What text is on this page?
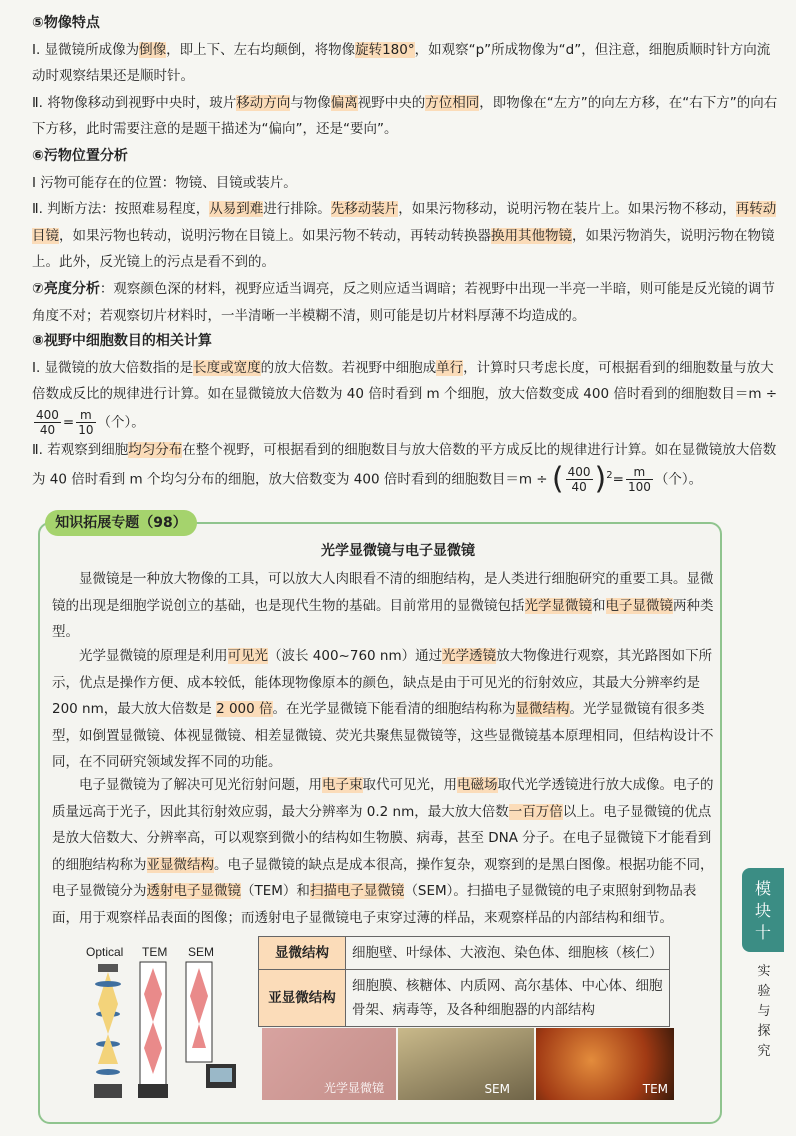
⑤物像特点

Ⅰ. 显微镜所成像为倒像，即上下、左右均颠倒，将物像旋转180°，如观察“p”所成物像为“d”，但注意，细胞质顺时针方向流动时观察结果还是顺时针。

Ⅱ. 将物像移动到视野中央时，玻片移动方向与物像偏离视野中央的方位相同，即物像在“左方”的向左方移，在“右下方”的向右下方移，此时需要注意的是题干描述为“偏向”，还是“要向”。

⑥污物位置分析

Ⅰ 污物可能存在的位置：物镜、目镜或装片。

Ⅱ. 判断方法：按照难易程度，从易到难进行排除。先移动装片，如果污物移动，说明污物在装片上。如果污物不移动，再转动目镜，如果污物也转动，说明污物在目镜上。如果污物不转动，再转动转换器换用其他物镜，如果污物消失，说明污物在物镜上。此外，反光镜上的污点是看不到的。

⑦亮度分析：观察颜色深的材料，视野应适当调亮，反之则应适当调暗；若视野中出现一半亮一半暗，则可能是反光镜的调节角度不对；若观察切片材料时，一半清晰一半模糊不清，则可能是切片材料厚薄不均造成的。

⑧视野中细胞数目的相关计算

Ⅰ. 显微镜的放大倍数指的是长度或宽度的放大倍数。若视野中细胞成单行，计算时只考虑长度，可根据看到的细胞数量与放大倍数成反比的规律进行计算。如在显微镜放大倍数为 40 倍时看到 m 个细胞，放大倍数变成 400 倍时看到的细胞数目＝m ÷
$\frac{400}{40} = \frac{m}{10}$ （个）。

Ⅱ. 若观察到细胞均匀分布在整个视野，可根据看到的细胞数目与放大倍数的平方成反比的规律进行计算。如在显微镜放大倍数为 40 倍时看到 m 个均匀分布的细胞，放大倍数变为 400 倍时看到的细胞数目＝m ÷ ( $\frac{400}{40} )^2= \frac{m}{100}$ （个）。

知识拓展专题（98）
光学显微镜与电子显微镜

显微镜是一种放大物像的工具，可以放大人肉眼看不清的细胞结构，是人类进行细胞研究的重要工具。显微镜的出现是细胞学说创立的基础，也是现代生物的基础。目前常用的显微镜包括光学显微镜和电子显微镜两种类型。

光学显微镜的原理是利用可见光（波长 400~760 nm）通过光学透镜放大物像进行观察，其光路图如下所示，优点是操作方便、成本较低，能体现物像原本的颜色，缺点是由于可见光的衍射效应，其最大分辨率约是 200 nm，最大放大倍数是 2 000 倍。在光学显微镜下能看清的细胞结构称为显微结构。光学显微镜有很多类型，如倒置显微镜、体视显微镜、相差显微镜、荧光共聚焦显微镜等，这些显微镜基本原理相同，但结构设计不同，在不同研究领域发挥不同的功能。

电子显微镜为了解决可见光衍射问题，用电子束取代可见光，用电磁场取代光学透镜进行放大成像。电子的质量远高于光子，因此其衍射效应弱，最大分辨率为 0.2 nm，最大放大倍数一百万倍以上。电子显微镜的优点是放大倍数大、分辨率高，可以观察到微小的结构如生物膜、病毒，甚至 DNA 分子。在电子显微镜下才能看到的细胞结构称为亚显微结构。电子显微镜的缺点是成本很高，操作复杂，观察到的是黑白图像。根据功能不同，电子显微镜分为透射电子显微镜（TEM）和扫描电子显微镜（SEM）。扫描电子显微镜的电子束照射到物品表面，用于观察样品表面的图像；而透射电子显微镜电子束穿过薄的样品，来观察样品的内部结构和细节。

Optical TEM SEM	显微结构	细胞壁、叶绿体、大液泡、染色体、细胞核（核仁）
亚显微结构	细胞膜、核糖体、内质网、高尔基体、中心体、细胞骨架、病毒等，及各种细胞器的内部结构
光学显微镜	SEM	TEM
模
块
十
实
验
与
探
究
